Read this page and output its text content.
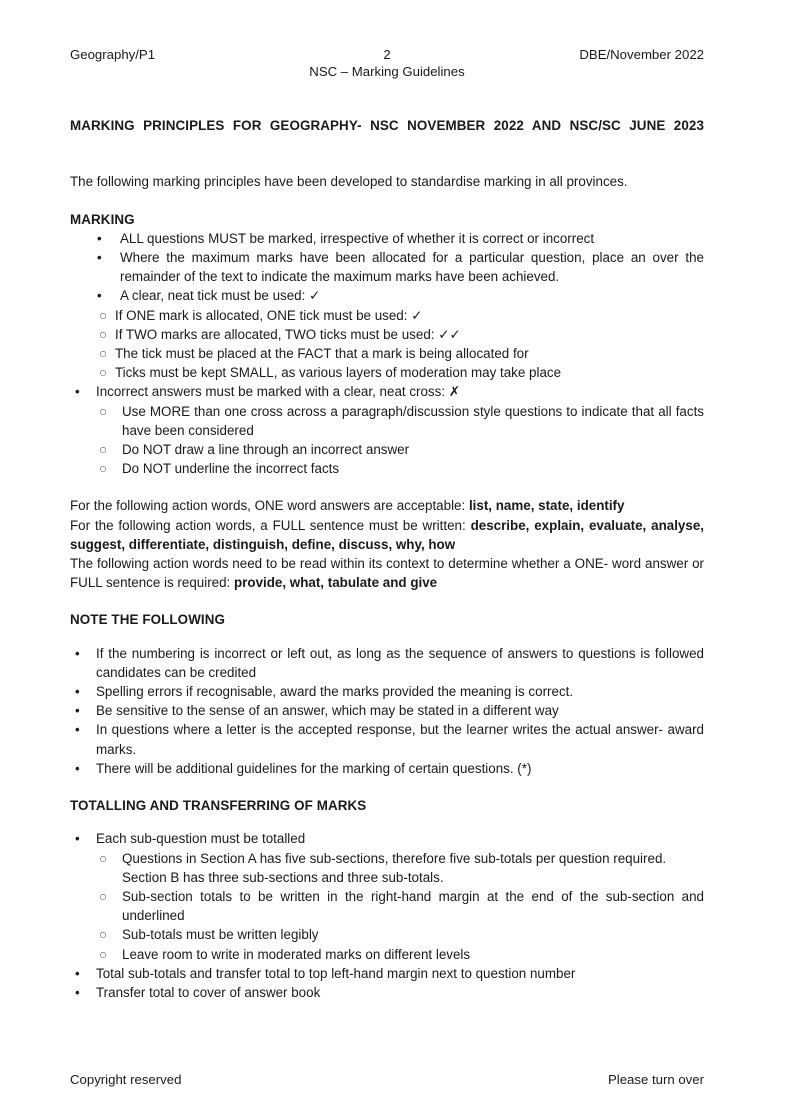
Geography/P1	2
NSC – Marking Guidelines
DBE/November 2022
MARKING PRINCIPLES FOR GEOGRAPHY- NSC NOVEMBER 2022 AND NSC/SC JUNE 2023

The following marking principles have been developed to standardise marking in all provinces.

MARKING
• ALL questions MUST be marked, irrespective of whether it is correct or incorrect
• Where the maximum marks have been allocated for a particular question, place an over the remainder of the text to indicate the maximum marks have been achieved.
• A clear, neat tick must be used: ✓
○ If ONE mark is allocated, ONE tick must be used: ✓
○ If TWO marks are allocated, TWO ticks must be used: ✓✓
○ The tick must be placed at the FACT that a mark is being allocated for
○ Ticks must be kept SMALL, as various layers of moderation may take place
• Incorrect answers must be marked with a clear, neat cross: ✗
○ Use MORE than one cross across a paragraph/discussion style questions to indicate that all facts have been considered
○ Do NOT draw a line through an incorrect answer
○ Do NOT underline the incorrect facts

For the following action words, ONE word answers are acceptable: list, name, state, identify

For the following action words, a FULL sentence must be written: describe, explain, evaluate, analyse, suggest, differentiate, distinguish, define, discuss, why, how

The following action words need to be read within its context to determine whether a ONE- word answer or FULL sentence is required: provide, what, tabulate and give

NOTE THE FOLLOWING
• If the numbering is incorrect or left out, as long as the sequence of answers to questions is followed candidates can be credited
• Spelling errors if recognisable, award the marks provided the meaning is correct.
• Be sensitive to the sense of an answer, which may be stated in a different way
• In questions where a letter is the accepted response, but the learner writes the actual answer- award marks.
• There will be additional guidelines for the marking of certain questions. (*)
TOTALLING AND TRANSFERRING OF MARKS
• Each sub-question must be totalled
○ Questions in Section A has five sub-sections, therefore five sub-totals per question required. Section B has three sub-sections and three sub-totals.
○ Sub-section totals to be written in the right-hand margin at the end of the sub-section and underlined
○ Sub-totals must be written legibly
○ Leave room to write in moderated marks on different levels
• Total sub-totals and transfer total to top left-hand margin next to question number
• Transfer total to cover of answer book
Copyright reserved	Please turn over
